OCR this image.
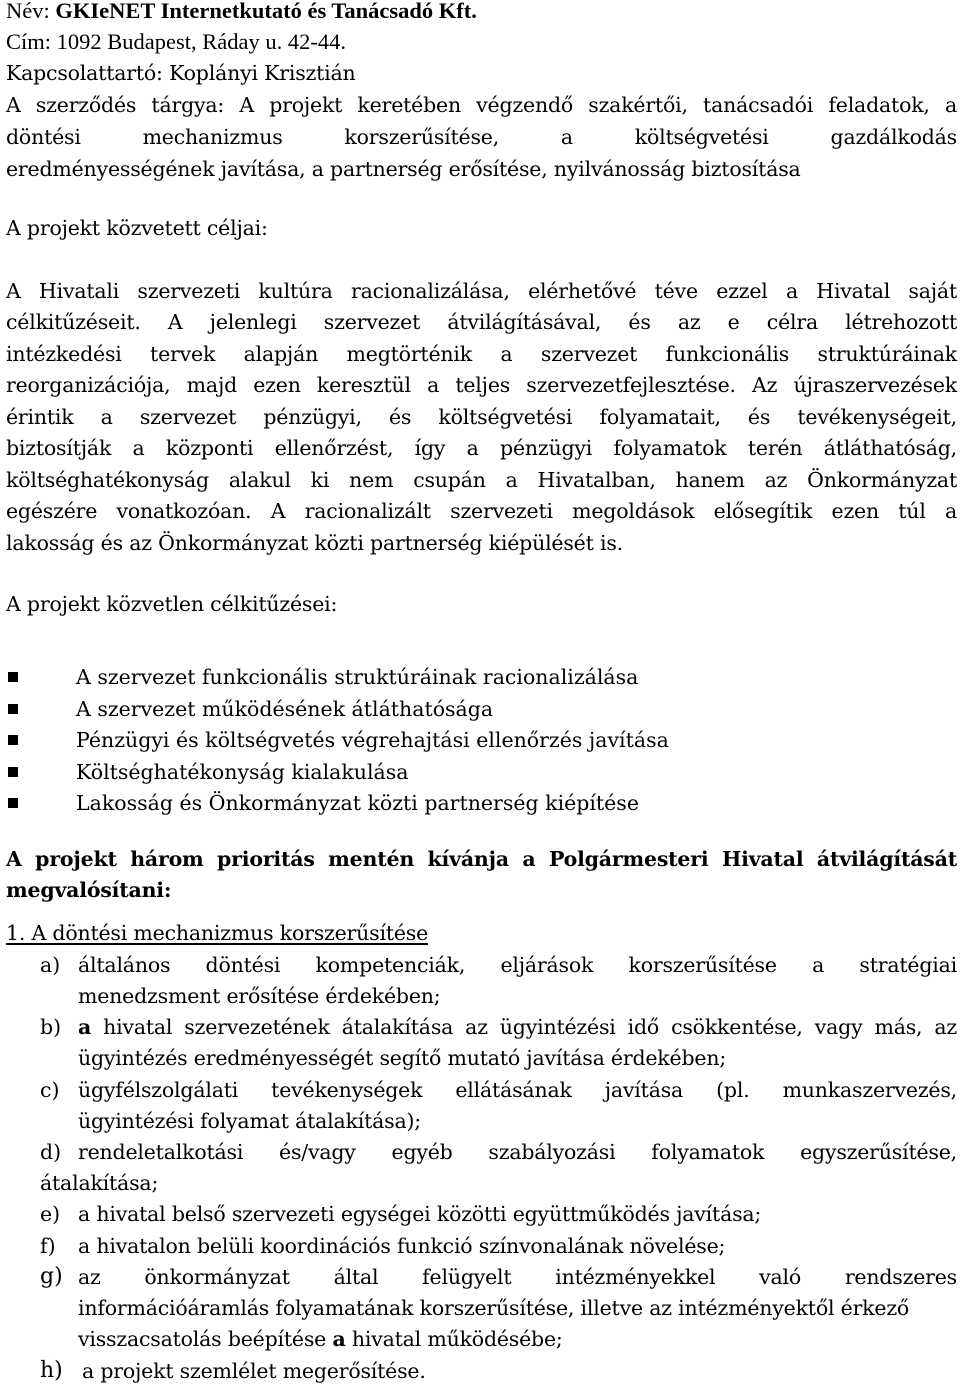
Név: GKIeNET Internetkutató és Tanácsadó Kft.
Cím: 1092 Budapest, Ráday u. 42-44.
Kapcsolattartó: Koplányi Krisztián
A szerződés tárgya: A projekt keretében végzendő szakértői, tanácsadói feladatok, a
döntési mechanizmus korszerűsítése, a költségvetési gazdálkodás
eredményességének javítása, a partnerség erősítése, nyilvánosság biztosítása
A projekt közvetett céljai:
A Hivatali szervezeti kultúra racionalizálása, elérhetővé téve ezzel a Hivatal saját
célkitűzéseit. A jelenlegi szervezet átvilágításával, és az e célra létrehozott
intézkedési tervek alapján megtörténik a szervezet funkcionális struktúráinak
reorganizációja, majd ezen keresztül a teljes szervezetfejlesztése. Az újraszervezések
érintik a szervezet pénzügyi, és költségvetési folyamatait, és tevékenységeit,
biztosítják a központi ellenőrzést, így a pénzügyi folyamatok terén átláthatóság,
költséghatékonyság alakul ki nem csupán a Hivatalban, hanem az Önkormányzat
egészére vonatkozóan. A racionalizált szervezeti megoldások elősegítik ezen túl a
lakosság és az Önkormányzat közti partnerség kiépülését is.
A projekt közvetlen célkitűzései:
A szervezet funkcionális struktúráinak racionalizálása
A szervezet működésének átláthatósága
Pénzügyi és költségvetés végrehajtási ellenőrzés javítása
Költséghatékonyság kialakulása
Lakosság és Önkormányzat közti partnerség kiépítése
A projekt három prioritás mentén kívánja a Polgármesteri Hivatal átvilágítását
megvalósítani:
1. A döntési mechanizmus korszerűsítése
a) általános döntési kompetenciák, eljárások korszerűsítése a stratégiai
menedzsment erősítése érdekében;
b) a hivatal szervezetének átalakítása az ügyintézési idő csökkentése, vagy más, az
ügyintézés eredményességét segítő mutató javítása érdekében;
c) ügyfélszolgálati tevékenységek ellátásának javítása (pl. munkaszervezés,
ügyintézési folyamat átalakítása);
d) rendeletalkotási és/vagy egyéb szabályozási folyamatok egyszerűsítése,
átalakítása;
e) a hivatal belső szervezeti egységei közötti együttműködés javítása;
f) a hivatalon belüli koordinációs funkció színvonalának növelése;
g) az önkormányzat által felügyelt intézményekkel való rendszeres
információáramlás folyamatának korszerűsítése, illetve az intézményektől érkező
visszacsatolás beépítése a hivatal működésébe;
h) a projekt szemlélet megerősítése.
